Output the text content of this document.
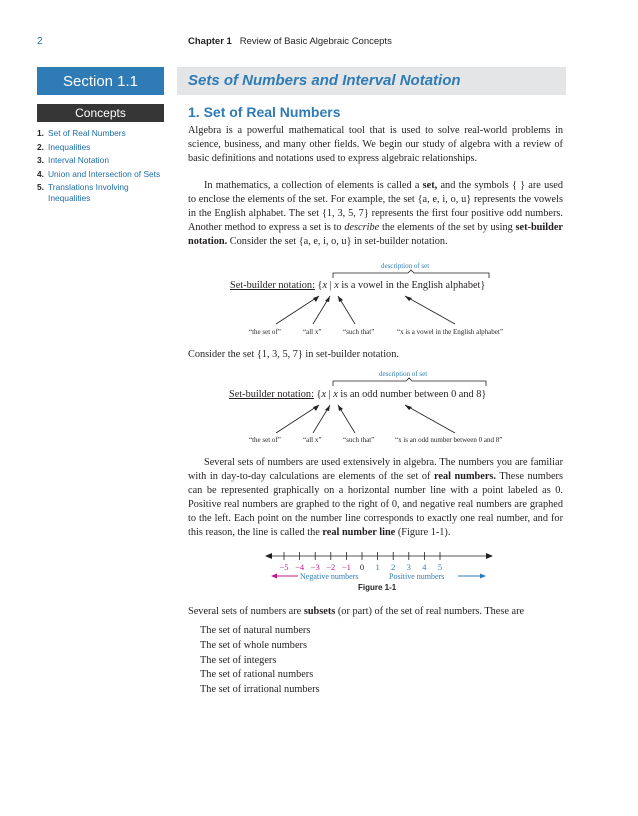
2	Chapter 1 Review of Basic Algebraic Concepts
Section 1.1	Sets of Numbers and Interval Notation
Concepts
1. Set of Real Numbers
2. Inequalities
3. Interval Notation
4. Union and Intersection of Sets
5. Translations Involving
Inequalities
1. Set of Real Numbers
Algebra is a powerful mathematical tool that is used to solve real-world problems in science, business, and many other fields. We begin our study of algebra with a review of basic definitions and notations used to express algebraic relationships.
In mathematics, a collection of elements is called a set, and the symbols { } are used to enclose the elements of the set. For example, the set {a, e, i, o, u} represents the vowels in the English alphabet. The set {1, 3, 5, 7} represents the first four positive odd numbers. Another method to express a set is to describe the elements of the set by using set-builder notation. Consider the set {a, e, i, o, u} in set-builder notation.
description of set
Set-builder notation: {x | x is a vowel in the English alphabet}
“the set of”	“all x”	“such that”	“x is a vowel in the English alphabet”
Consider the set {1, 3, 5, 7} in set-builder notation.
description of set
Set-builder notation: {x | x is an odd number between 0 and 8}
“the set of”	“all x”	“such that”	“x is an odd number between 0 and 8”
Several sets of numbers are used extensively in algebra. The numbers you are familiar with in day-to-day calculations are elements of the set of real numbers. These numbers can be represented graphically on a horizontal number line with a point labeled as 0. Positive real numbers are graphed to the right of 0, and negative real numbers are graphed to the left. Each point on the number line corresponds to exactly one real number, and for this reason, the line is called the real number line (Figure 1-1).
−5 −4 −3 −2 −1 0 1 2 3 4 5
Negative numbers	Positive numbers
Figure 1-1
Several sets of numbers are subsets (or part) of the set of real numbers. These are
The set of natural numbers
The set of whole numbers
The set of integers
The set of rational numbers
The set of irrational numbers
